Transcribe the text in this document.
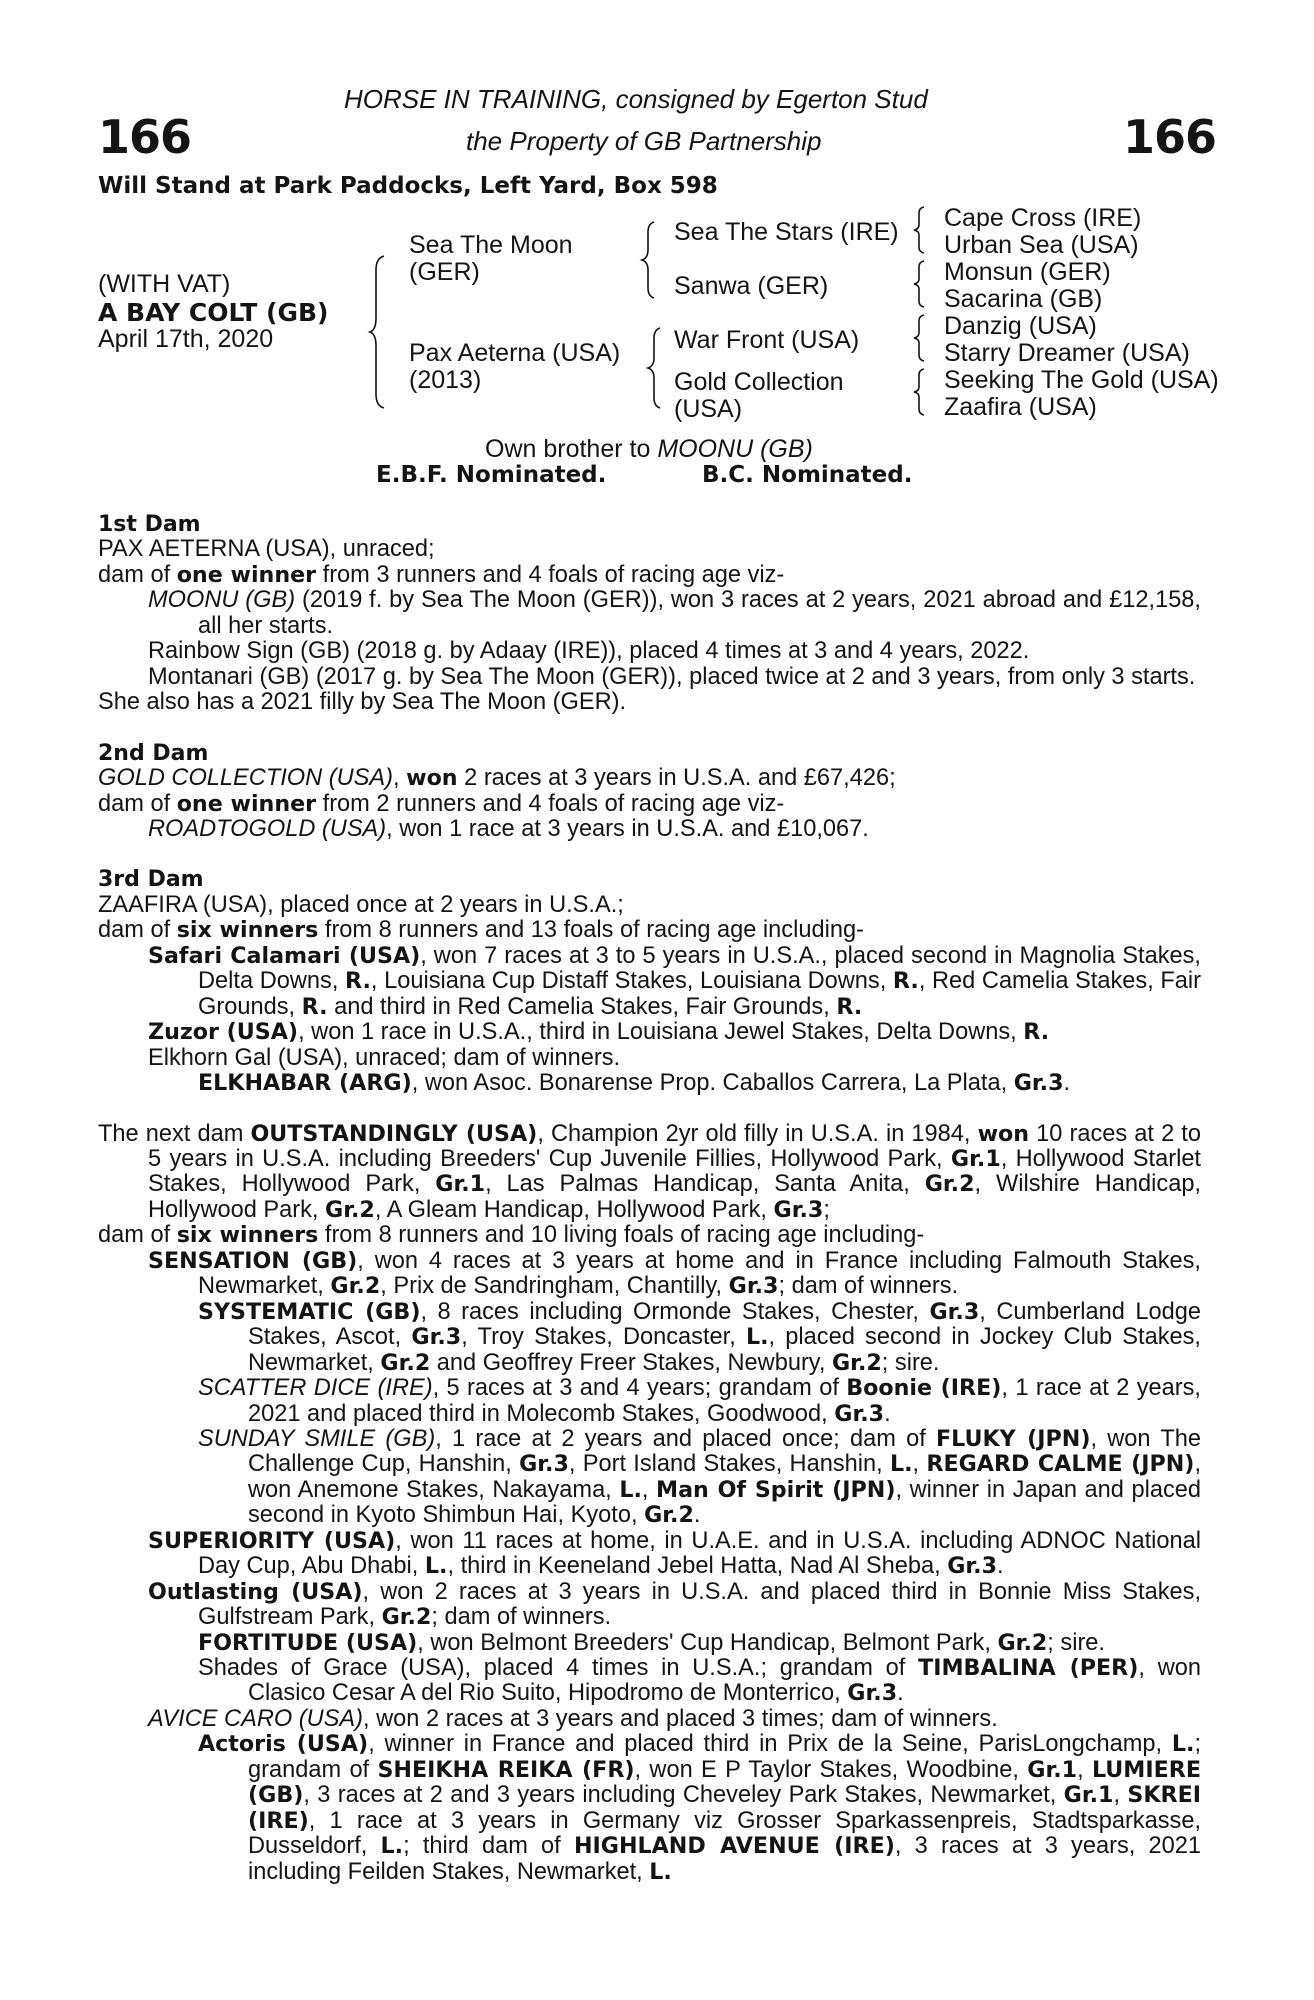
166	166
HORSE IN TRAINING, consigned by Egerton Stud
the Property of GB Partnership
Will Stand at Park Paddocks, Left Yard, Box 598
(WITH VAT)
A BAY COLT (GB)
April 17th, 2020
Sea The Moon
(GER)
Pax Aeterna (USA)
(2013)
Sea The Stars (IRE)
Sanwa (GER)
War Front (USA)
Gold Collection
(USA)
Cape Cross (IRE)
Urban Sea (USA)
Monsun (GER)
Sacarina (GB)
Danzig (USA)
Starry Dreamer (USA)
Seeking The Gold (USA)
Zaafira (USA)
Own brother to MOONU (GB)
E.B.F. Nominated.	B.C. Nominated.

1st Dam

PAX AETERNA (USA), unraced;

dam of one winner from 3 runners and 4 foals of racing age viz-

MOONU (GB) (2019 f. by Sea The Moon (GER)), won 3 races at 2 years, 2021 abroad and £12,158, all her starts.

Rainbow Sign (GB) (2018 g. by Adaay (IRE)), placed 4 times at 3 and 4 years, 2022.

Montanari (GB) (2017 g. by Sea The Moon (GER)), placed twice at 2 and 3 years, from only 3 starts.

She also has a 2021 filly by Sea The Moon (GER).

2nd Dam

GOLD COLLECTION (USA), won 2 races at 3 years in U.S.A. and £67,426;

dam of one winner from 2 runners and 4 foals of racing age viz-

ROADTOGOLD (USA), won 1 race at 3 years in U.S.A. and £10,067.

3rd Dam

ZAAFIRA (USA), placed once at 2 years in U.S.A.;

dam of six winners from 8 runners and 13 foals of racing age including-

Safari Calamari (USA), won 7 races at 3 to 5 years in U.S.A., placed second in Magnolia Stakes, Delta Downs, R., Louisiana Cup Distaff Stakes, Louisiana Downs, R., Red Camelia Stakes, Fair Grounds, R. and third in Red Camelia Stakes, Fair Grounds, R.

Zuzor (USA), won 1 race in U.S.A., third in Louisiana Jewel Stakes, Delta Downs, R.

Elkhorn Gal (USA), unraced; dam of winners.

ELKHABAR (ARG), won Asoc. Bonarense Prop. Caballos Carrera, La Plata, Gr.3.

The next dam OUTSTANDINGLY (USA), Champion 2yr old filly in U.S.A. in 1984, won 10 races at 2 to 5 years in U.S.A. including Breeders' Cup Juvenile Fillies, Hollywood Park, Gr.1, Hollywood Starlet Stakes, Hollywood Park, Gr.1, Las Palmas Handicap, Santa Anita, Gr.2, Wilshire Handicap, Hollywood Park, Gr.2, A Gleam Handicap, Hollywood Park, Gr.3;

dam of six winners from 8 runners and 10 living foals of racing age including-

SENSATION (GB), won 4 races at 3 years at home and in France including Falmouth Stakes, Newmarket, Gr.2, Prix de Sandringham, Chantilly, Gr.3; dam of winners.

SYSTEMATIC (GB), 8 races including Ormonde Stakes, Chester, Gr.3, Cumberland Lodge Stakes, Ascot, Gr.3, Troy Stakes, Doncaster, L., placed second in Jockey Club Stakes, Newmarket, Gr.2 and Geoffrey Freer Stakes, Newbury, Gr.2; sire.

SCATTER DICE (IRE), 5 races at 3 and 4 years; grandam of Boonie (IRE), 1 race at 2 years, 2021 and placed third in Molecomb Stakes, Goodwood, Gr.3.

SUNDAY SMILE (GB), 1 race at 2 years and placed once; dam of FLUKY (JPN), won The Challenge Cup, Hanshin, Gr.3, Port Island Stakes, Hanshin, L., REGARD CALME (JPN), won Anemone Stakes, Nakayama, L., Man Of Spirit (JPN), winner in Japan and placed second in Kyoto Shimbun Hai, Kyoto, Gr.2.

SUPERIORITY (USA), won 11 races at home, in U.A.E. and in U.S.A. including ADNOC National Day Cup, Abu Dhabi, L., third in Keeneland Jebel Hatta, Nad Al Sheba, Gr.3.

Outlasting (USA), won 2 races at 3 years in U.S.A. and placed third in Bonnie Miss Stakes, Gulfstream Park, Gr.2; dam of winners.

FORTITUDE (USA), won Belmont Breeders' Cup Handicap, Belmont Park, Gr.2; sire.

Shades of Grace (USA), placed 4 times in U.S.A.; grandam of TIMBALINA (PER), won Clasico Cesar A del Rio Suito, Hipodromo de Monterrico, Gr.3.

AVICE CARO (USA), won 2 races at 3 years and placed 3 times; dam of winners.

Actoris (USA), winner in France and placed third in Prix de la Seine, ParisLongchamp, L.; grandam of SHEIKHA REIKA (FR), won E P Taylor Stakes, Woodbine, Gr.1, LUMIERE (GB), 3 races at 2 and 3 years including Cheveley Park Stakes, Newmarket, Gr.1, SKREI (IRE), 1 race at 3 years in Germany viz Grosser Sparkassenpreis, Stadtsparkasse, Dusseldorf, L.; third dam of HIGHLAND AVENUE (IRE), 3 races at 3 years, 2021 including Feilden Stakes, Newmarket, L.
